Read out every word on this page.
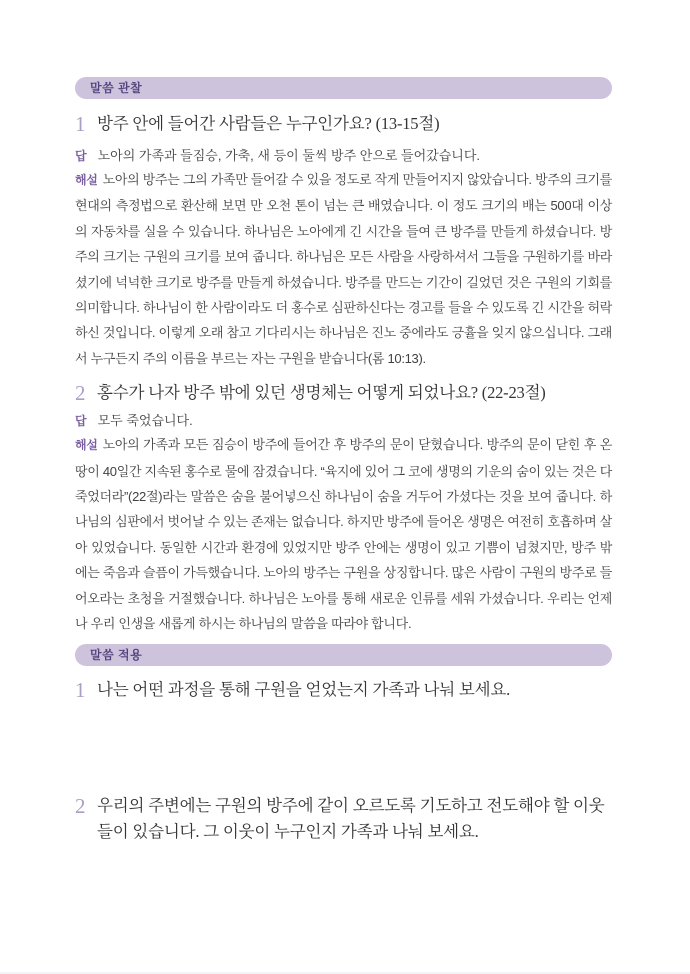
말씀 관찰
1 방주 안에 들어간 사람들은 누구인가요? (13-15절)
답 노아의 가족과 들짐승, 가축, 새 등이 둘씩 방주 안으로 들어갔습니다.

해설 노아의 방주는 그의 가족만 들어갈 수 있을 정도로 작게 만들어지지 않았습니다. 방주의 크기를 현대의 측정법으로 환산해 보면 만 오천 톤이 넘는 큰 배였습니다. 이 정도 크기의 배는 500대 이상의 자동차를 실을 수 있습니다. 하나님은 노아에게 긴 시간을 들여 큰 방주를 만들게 하셨습니다. 방주의 크기는 구원의 크기를 보여 줍니다. 하나님은 모든 사람을 사랑하셔서 그들을 구원하기를 바라셨기에 넉넉한 크기로 방주를 만들게 하셨습니다. 방주를 만드는 기간이 길었던 것은 구원의 기회를 의미합니다. 하나님이 한 사람이라도 더 홍수로 심판하신다는 경고를 들을 수 있도록 긴 시간을 허락하신 것입니다. 이렇게 오래 참고 기다리시는 하나님은 진노 중에라도 긍휼을 잊지 않으십니다. 그래서 누구든지 주의 이름을 부르는 자는 구원을 받습니다(롬 10:13).

2 홍수가 나자 방주 밖에 있던 생명체는 어떻게 되었나요? (22-23절)
답 모두 죽었습니다.

해설 노아의 가족과 모든 짐승이 방주에 들어간 후 방주의 문이 닫혔습니다. 방주의 문이 닫힌 후 온 땅이 40일간 지속된 홍수로 물에 잠겼습니다. “육지에 있어 그 코에 생명의 기운의 숨이 있는 것은 다 죽었더라”(22절)라는 말씀은 숨을 불어넣으신 하나님이 숨을 거두어 가셨다는 것을 보여 줍니다. 하나님의 심판에서 벗어날 수 있는 존재는 없습니다. 하지만 방주에 들어온 생명은 여전히 호흡하며 살아 있었습니다. 동일한 시간과 환경에 있었지만 방주 안에는 생명이 있고 기쁨이 넘쳤지만, 방주 밖에는 죽음과 슬픔이 가득했습니다. 노아의 방주는 구원을 상징합니다. 많은 사람이 구원의 방주로 들어오라는 초청을 거절했습니다. 하나님은 노아를 통해 새로운 인류를 세워 가셨습니다. 우리는 언제나 우리 인생을 새롭게 하시는 하나님의 말씀을 따라야 합니다.

말씀 적용
1 나는 어떤 과정을 통해 구원을 얻었는지 가족과 나눠 보세요.
2 우리의 주변에는 구원의 방주에 같이 오르도록 기도하고 전도해야 할 이웃들이 있습니다. 그 이웃이 누구인지 가족과 나눠 보세요.
